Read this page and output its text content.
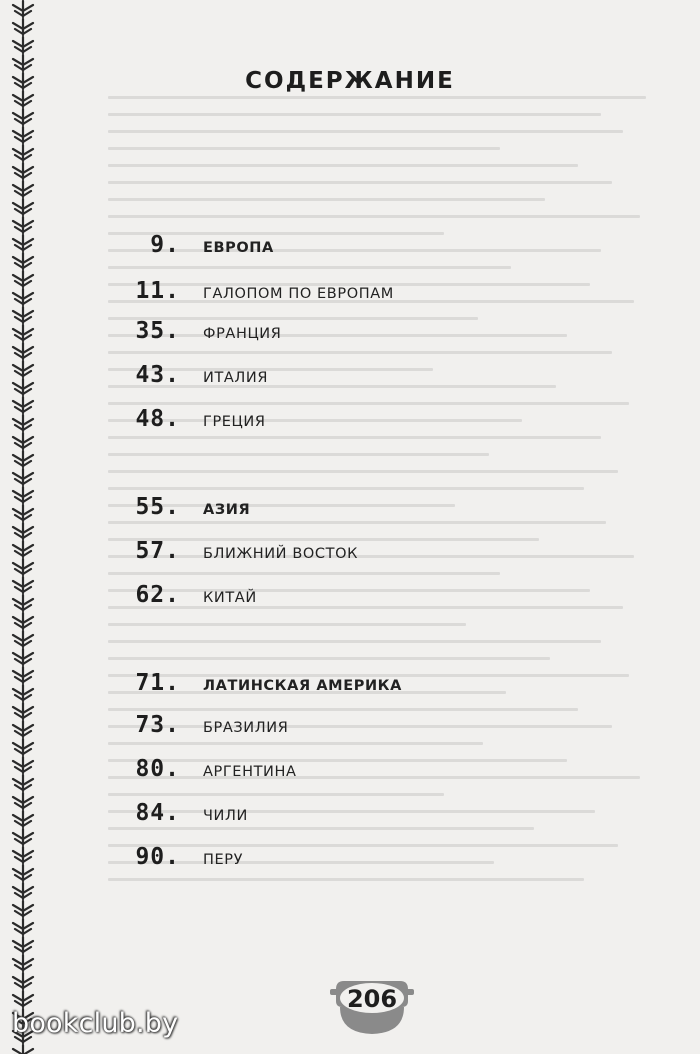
СОДЕРЖАНИЕ
9. ЕВРОПА
11. ГАЛОПОМ ПО ЕВРОПАМ
35. ФРАНЦИЯ
43. ИТАЛИЯ
48. ГРЕЦИЯ
55. АЗИЯ
57. БЛИЖНИЙ ВОСТОК
62. КИТАЙ
71. ЛАТИНСКАЯ АМЕРИКА
73. БРАЗИЛИЯ
80. АРГЕНТИНА
84. ЧИЛИ
90. ПЕРУ
206
bookclub.by
